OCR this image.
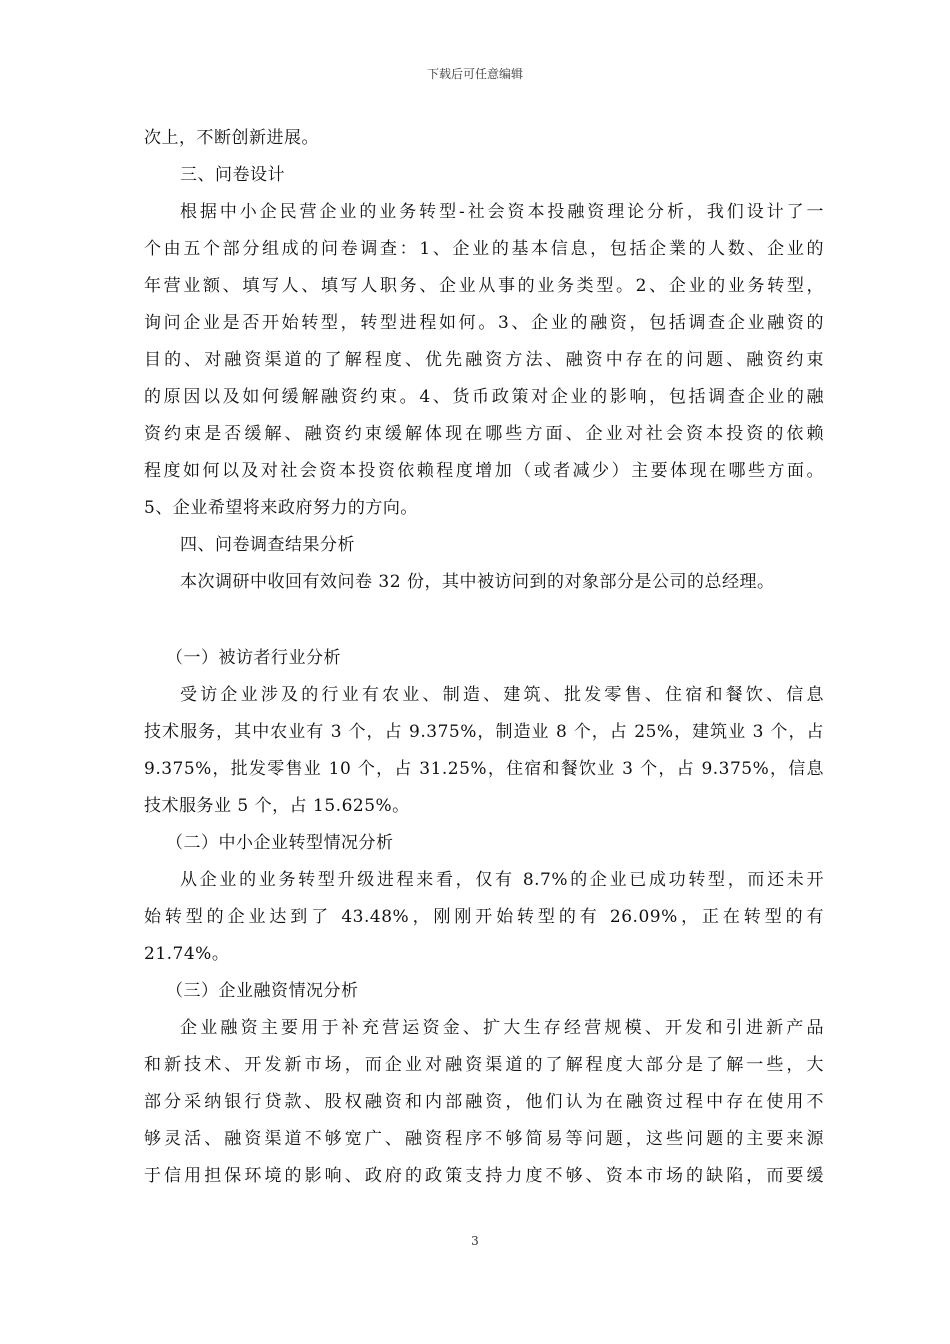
下载后可任意编辑
次上，不断创新进展。
三、问卷设计
根据中小企民营企业的业务转型-社会资本投融资理论分析，我们设计了一
个由五个部分组成的问卷调查：1、企业的基本信息，包括企業的人数、企业的
年营业额、填写人、填写人职务、企业从事的业务类型。2、企业的业务转型，
询问企业是否开始转型，转型进程如何。3、企业的融资，包括调查企业融资的
目的、对融资渠道的了解程度、优先融资方法、融资中存在的问题、融资约束
的原因以及如何缓解融资约束。4、货币政策对企业的影响，包括调查企业的融
资约束是否缓解、融资约束缓解体现在哪些方面、企业对社会资本投资的依赖
程度如何以及对社会资本投资依赖程度增加（或者减少）主要体现在哪些方面。
5、企业希望将来政府努力的方向。
四、问卷调查结果分析
本次调研中收回有效问卷 32 份，其中被访问到的对象部分是公司的总经理。
（一）被访者行业分析
受访企业涉及的行业有农业、制造、建筑、批发零售、住宿和餐饮、信息
技术服务，其中农业有 3 个，占 9.375%，制造业 8 个，占 25%，建筑业 3 个，占
9.375%，批发零售业 10 个，占 31.25%，住宿和餐饮业 3 个，占 9.375%，信息
技术服务业 5 个，占 15.625%。
（二）中小企业转型情况分析
从企业的业务转型升级进程来看，仅有 8.7%的企业已成功转型，而还未开
始转型的企业达到了 43.48%，刚刚开始转型的有 26.09%，正在转型的有
21.74%。
（三）企业融资情况分析
企业融资主要用于补充营运资金、扩大生存经营规模、开发和引进新产品
和新技术、开发新市场，而企业对融资渠道的了解程度大部分是了解一些，大
部分采纳银行贷款、股权融资和内部融资，他们认为在融资过程中存在使用不
够灵活、融资渠道不够宽广、融资程序不够简易等问题，这些问题的主要来源
于信用担保环境的影响、政府的政策支持力度不够、资本市场的缺陷，而要缓
3
